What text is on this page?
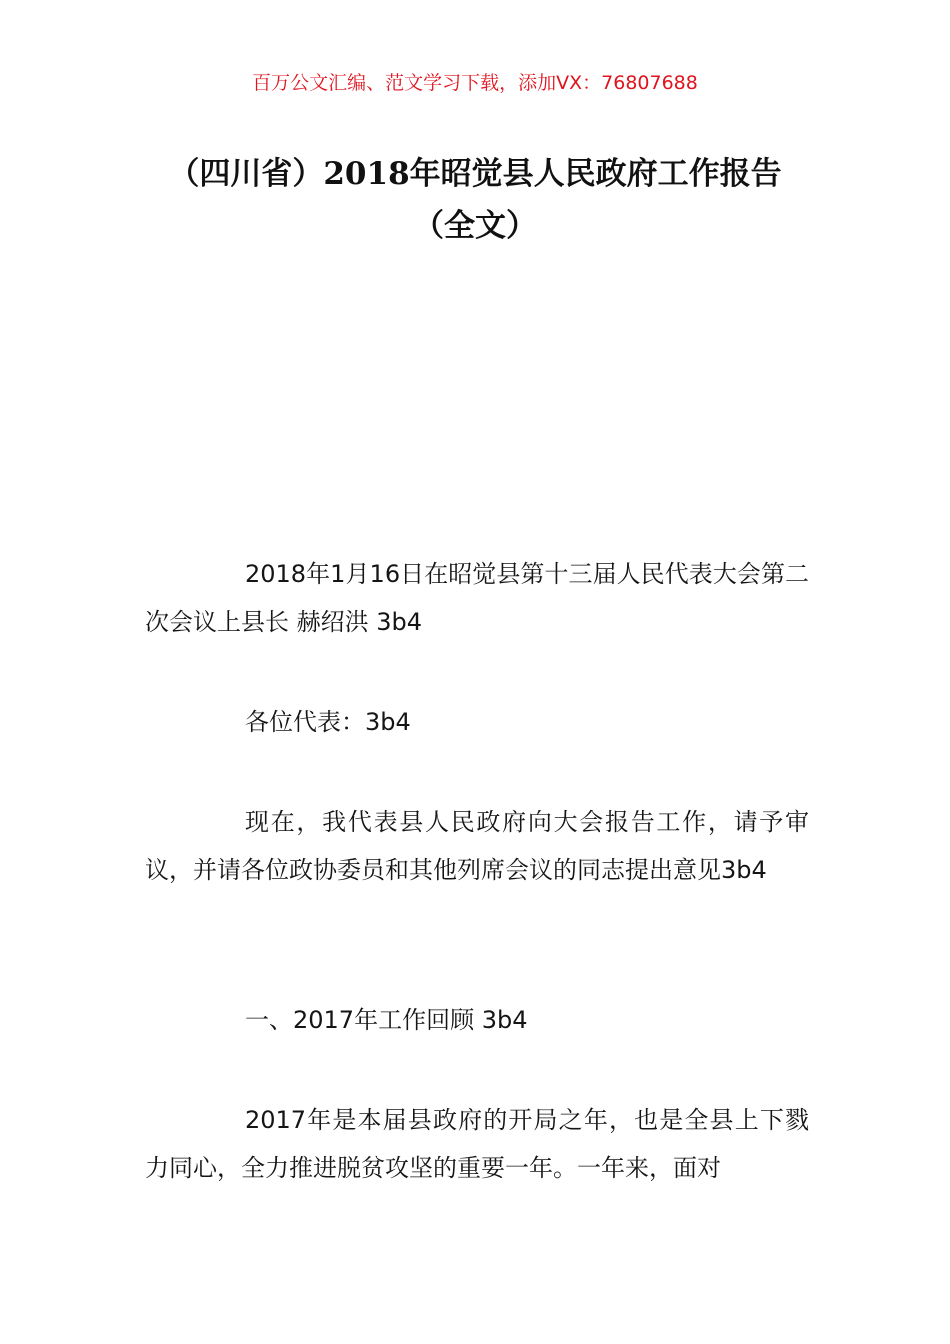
百万公文汇编、范文学习下载，添加VX：76807688
（四川省）2018年昭觉县人民政府工作报告（全文）

2018年1月16日在昭觉县第十三届人民代表大会第二次会议上县长 赫绍洪 3b4

各位代表：3b4

现在，我代表县人民政府向大会报告工作，请予审议，并请各位政协委员和其他列席会议的同志提出意见3b4

一、2017年工作回顾 3b4

2017年是本届县政府的开局之年，也是全县上下戮力同心，全力推进脱贫攻坚的重要一年。一年来，面对
